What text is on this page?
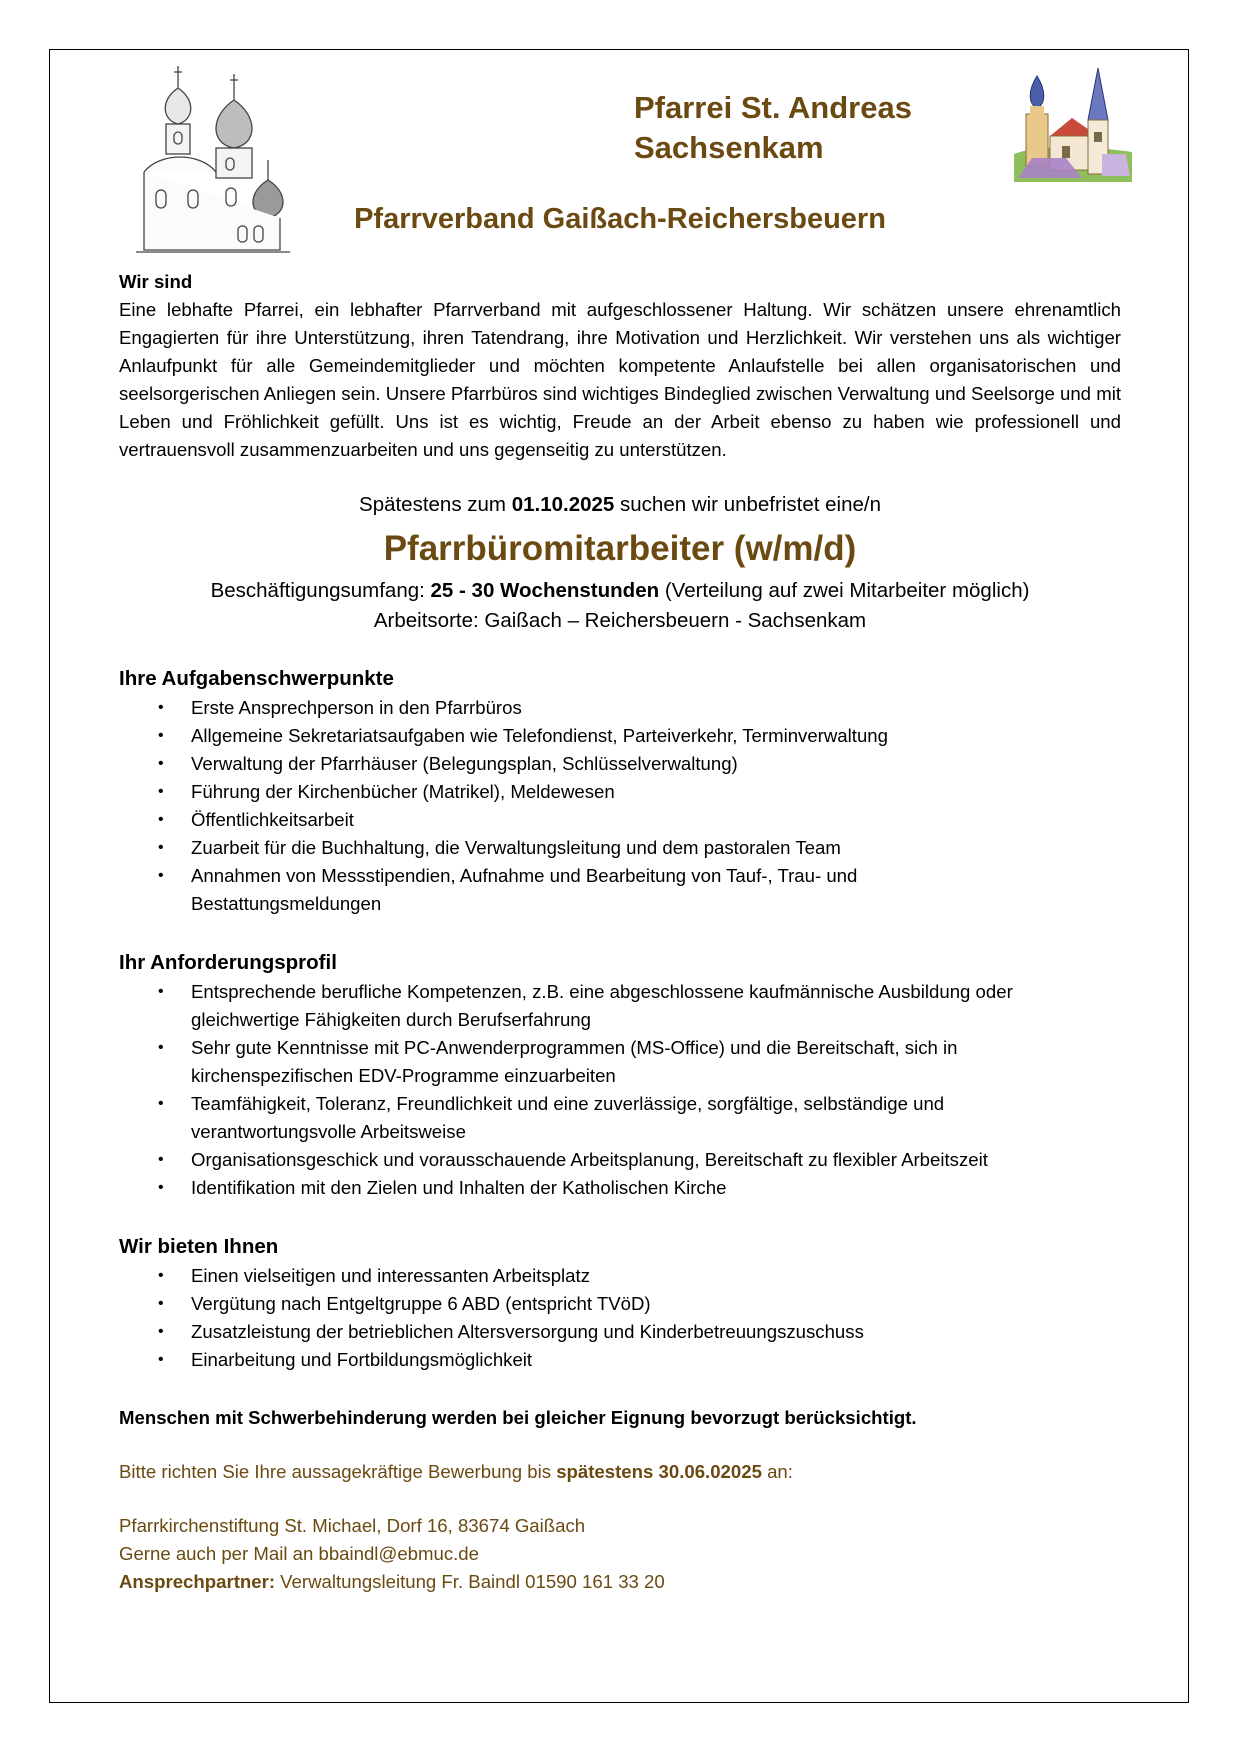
Pfarrei St. Andreas
Sachsenkam
Pfarrverband Gaißach-Reichersbeuern

Wir sind

Eine lebhafte Pfarrei, ein lebhafter Pfarrverband mit aufgeschlossener Haltung. Wir schätzen unsere ehrenamtlich Engagierten für ihre Unterstützung, ihren Tatendrang, ihre Motivation und Herzlichkeit. Wir verstehen uns als wichtiger Anlaufpunkt für alle Gemeindemitglieder und möchten kompetente Anlaufstelle bei allen organisatorischen und seelsorgerischen Anliegen sein. Unsere Pfarrbüros sind wichtiges Bindeglied zwischen Verwaltung und Seelsorge und mit Leben und Fröhlichkeit gefüllt. Uns ist es wichtig, Freude an der Arbeit ebenso zu haben wie professionell und vertrauensvoll zusammenzuarbeiten und uns gegenseitig zu unterstützen.

Spätestens zum 01.10.2025 suchen wir unbefristet eine/n

Pfarrbüromitarbeiter (w/m/d)

Beschäftigungsumfang: 25 - 30 Wochenstunden (Verteilung auf zwei Mitarbeiter möglich)

Arbeitsorte: Gaißach – Reichersbeuern - Sachsenkam

Ihre Aufgabenschwerpunkte

• Erste Ansprechperson in den Pfarrbüros
• Allgemeine Sekretariatsaufgaben wie Telefondienst, Parteiverkehr, Terminverwaltung
• Verwaltung der Pfarrhäuser (Belegungsplan, Schlüsselverwaltung)
• Führung der Kirchenbücher (Matrikel), Meldewesen
• Öffentlichkeitsarbeit
• Zuarbeit für die Buchhaltung, die Verwaltungsleitung und dem pastoralen Team
• Annahmen von Messstipendien, Aufnahme und Bearbeitung von Tauf-, Trau- und Bestattungsmeldungen

Ihr Anforderungsprofil

• Entsprechende berufliche Kompetenzen, z.B. eine abgeschlossene kaufmännische Ausbildung oder gleichwertige Fähigkeiten durch Berufserfahrung
• Sehr gute Kenntnisse mit PC-Anwenderprogrammen (MS-Office) und die Bereitschaft, sich in kirchenspezifischen EDV-Programme einzuarbeiten
• Teamfähigkeit, Toleranz, Freundlichkeit und eine zuverlässige, sorgfältige, selbständige und verantwortungsvolle Arbeitsweise
• Organisationsgeschick und vorausschauende Arbeitsplanung, Bereitschaft zu flexibler Arbeitszeit
• Identifikation mit den Zielen und Inhalten der Katholischen Kirche

Wir bieten Ihnen

• Einen vielseitigen und interessanten Arbeitsplatz
• Vergütung nach Entgeltgruppe 6 ABD (entspricht TVöD)
• Zusatzleistung der betrieblichen Altersversorgung und Kinderbetreuungszuschuss
• Einarbeitung und Fortbildungsmöglichkeit

Menschen mit Schwerbehinderung werden bei gleicher Eignung bevorzugt berücksichtigt.

Bitte richten Sie Ihre aussagekräftige Bewerbung bis spätestens 30.06.02025 an:

Pfarrkirchenstiftung St. Michael, Dorf 16, 83674 Gaißach

Gerne auch per Mail an bbaindl@ebmuc.de

Ansprechpartner: Verwaltungsleitung Fr. Baindl 01590 161 33 20
